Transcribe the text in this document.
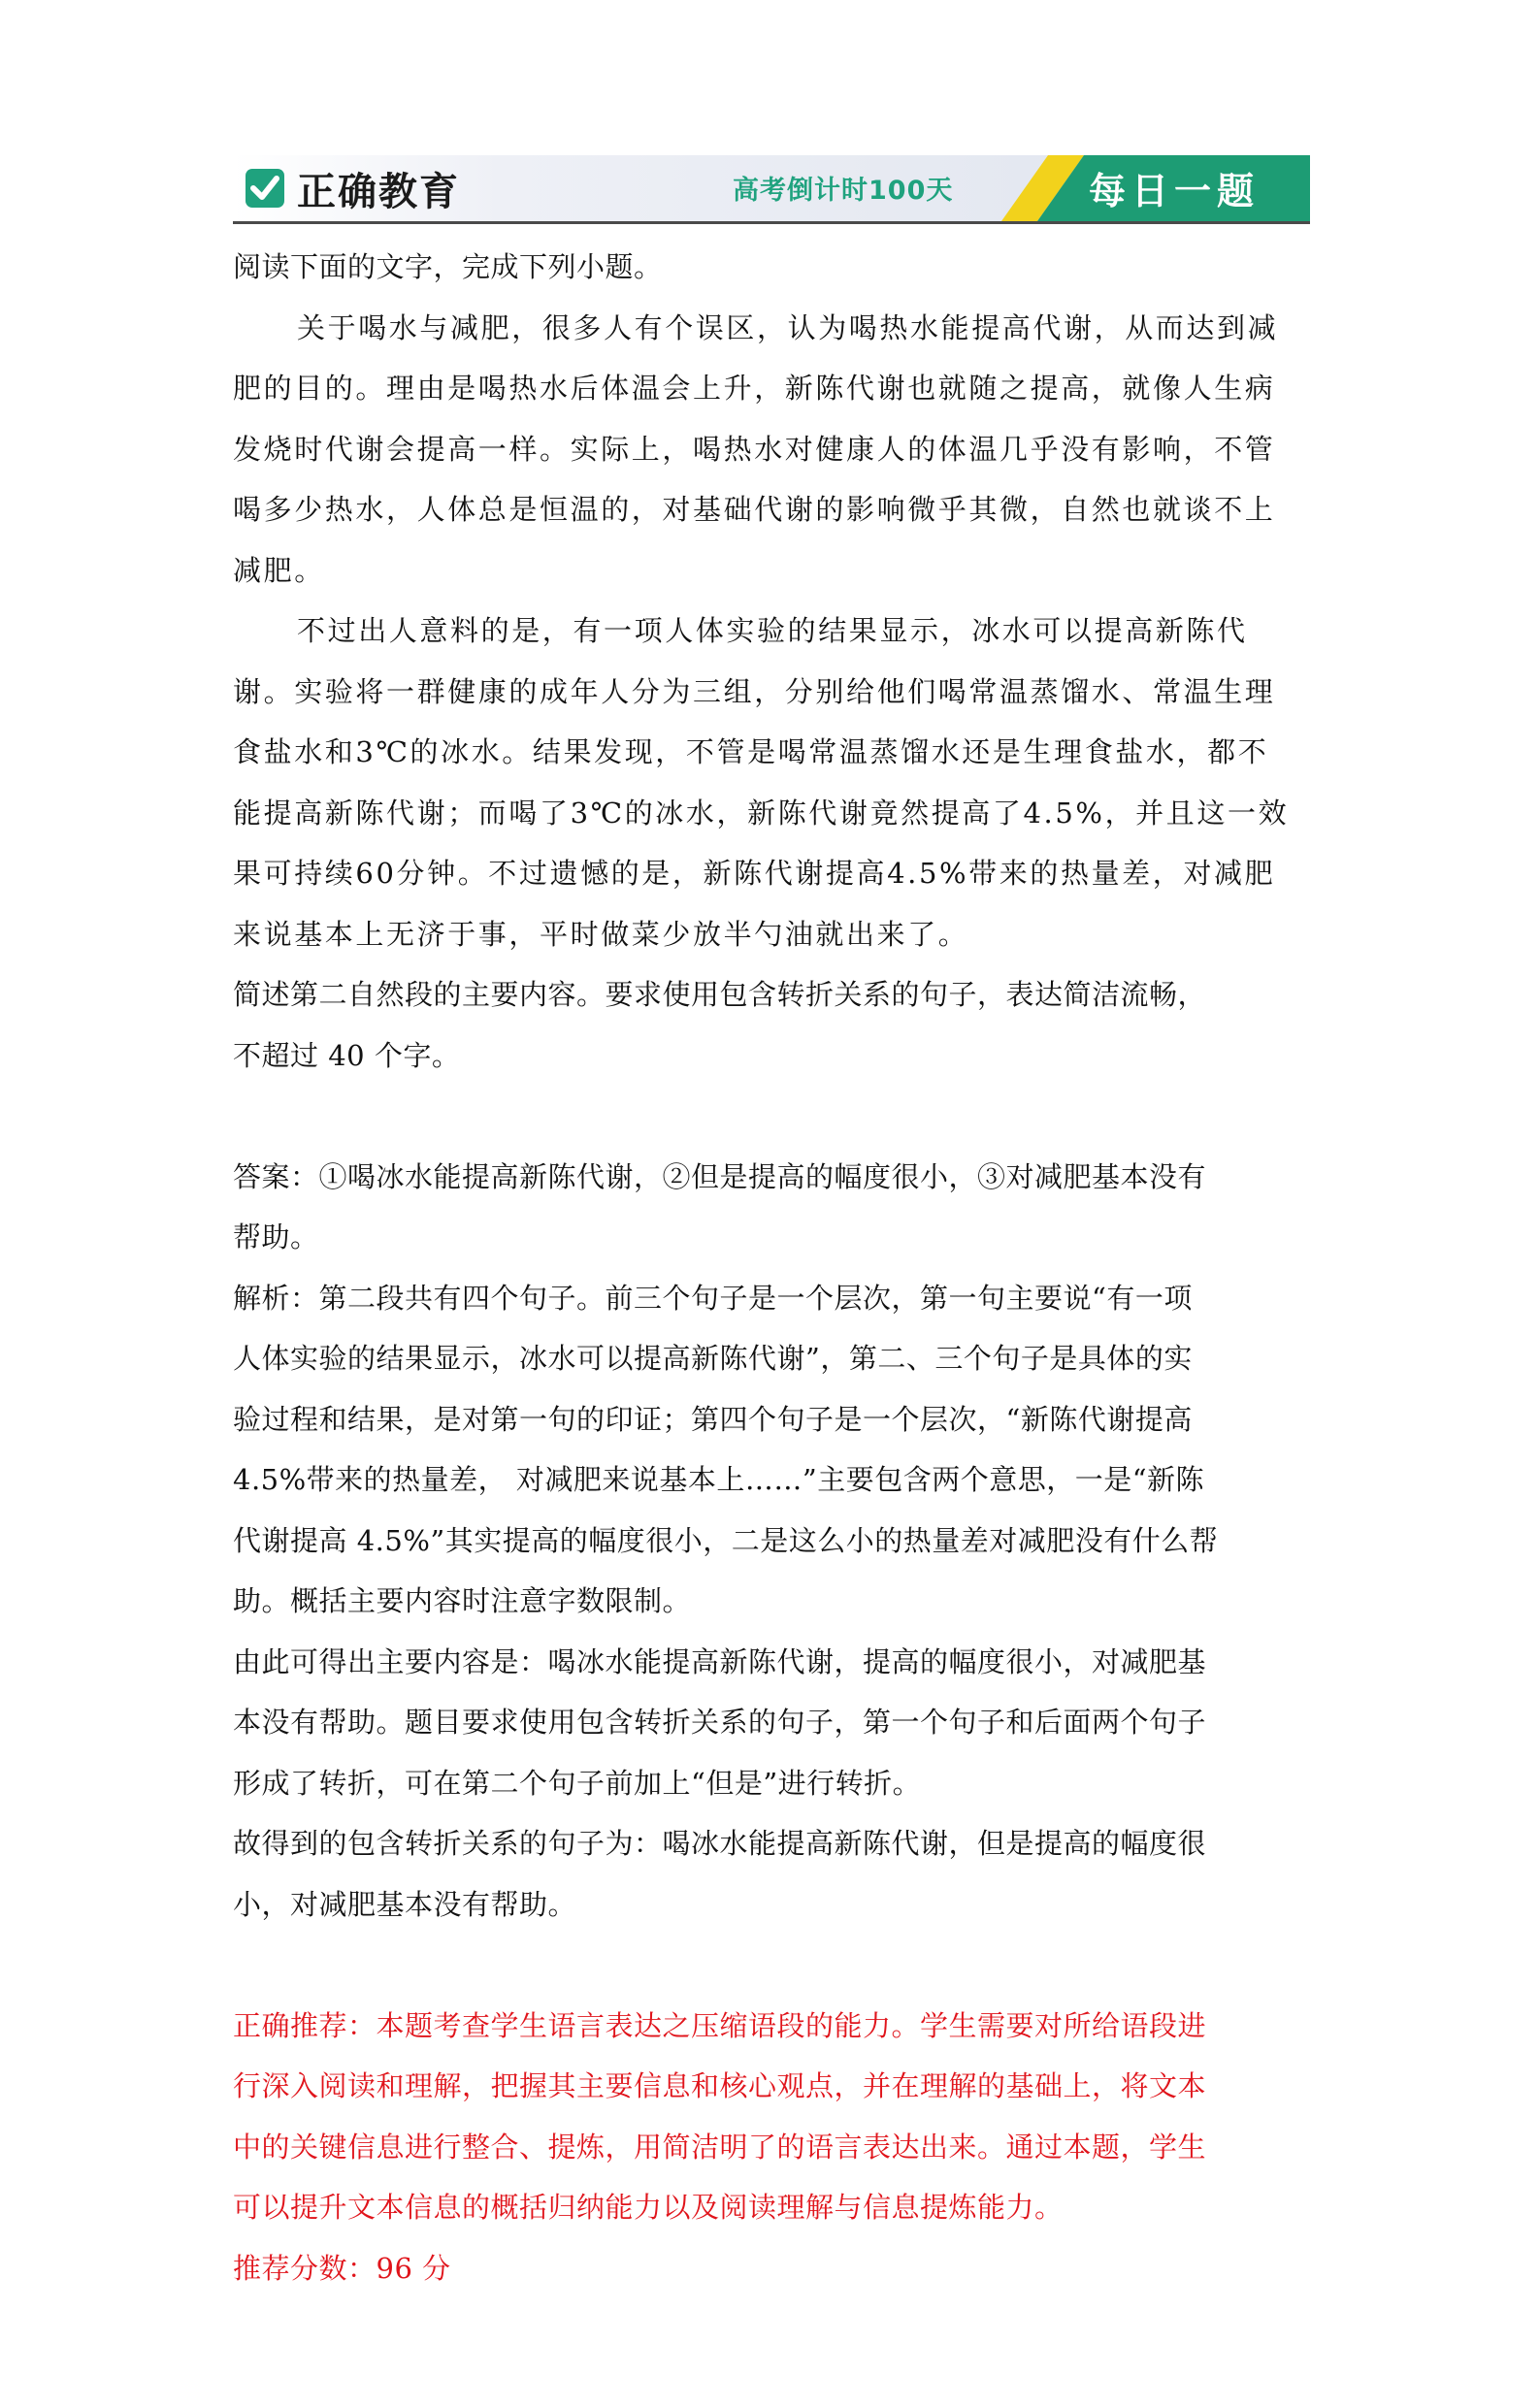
正确教育	高考倒计时100天	每日一题
阅读下面的文字，完成下列小题。
关于喝水与减肥，很多人有个误区，认为喝热水能提高代谢，从而达到减
肥的目的。理由是喝热水后体温会上升，新陈代谢也就随之提高，就像人生病
发烧时代谢会提高一样。实际上，喝热水对健康人的体温几乎没有影响，不管
喝多少热水，人体总是恒温的，对基础代谢的影响微乎其微，自然也就谈不上
减肥。
不过出人意料的是，有一项人体实验的结果显示，冰水可以提高新陈代
谢。实验将一群健康的成年人分为三组，分别给他们喝常温蒸馏水、常温生理
食盐水和3℃的冰水。结果发现，不管是喝常温蒸馏水还是生理食盐水，都不
能提高新陈代谢；而喝了3℃的冰水，新陈代谢竟然提高了4.5%，并且这一效
果可持续60分钟。不过遗憾的是，新陈代谢提高4.5%带来的热量差，对减肥
来说基本上无济于事，平时做菜少放半勺油就出来了。
简述第二自然段的主要内容。要求使用包含转折关系的句子，表达简洁流畅，
不超过 40 个字。
答案：①喝冰水能提高新陈代谢，②但是提高的幅度很小，③对减肥基本没有
帮助。
解析：第二段共有四个句子。前三个句子是一个层次，第一句主要说“有一项
人体实验的结果显示，冰水可以提高新陈代谢”，第二、三个句子是具体的实
验过程和结果，是对第一句的印证；第四个句子是一个层次，“新陈代谢提高
4.5%带来的热量差， 对减肥来说基本上……”主要包含两个意思，一是“新陈
代谢提高 4.5%”其实提高的幅度很小，二是这么小的热量差对减肥没有什么帮
助。概括主要内容时注意字数限制。
由此可得出主要内容是：喝冰水能提高新陈代谢，提高的幅度很小，对减肥基
本没有帮助。题目要求使用包含转折关系的句子，第一个句子和后面两个句子
形成了转折，可在第二个句子前加上“但是”进行转折。
故得到的包含转折关系的句子为：喝冰水能提高新陈代谢，但是提高的幅度很
小，对减肥基本没有帮助。
正确推荐：本题考查学生语言表达之压缩语段的能力。学生需要对所给语段进
行深入阅读和理解，把握其主要信息和核心观点，并在理解的基础上，将文本
中的关键信息进行整合、提炼，用简洁明了的语言表达出来。通过本题，学生
可以提升文本信息的概括归纳能力以及阅读理解与信息提炼能力。
推荐分数：96 分
